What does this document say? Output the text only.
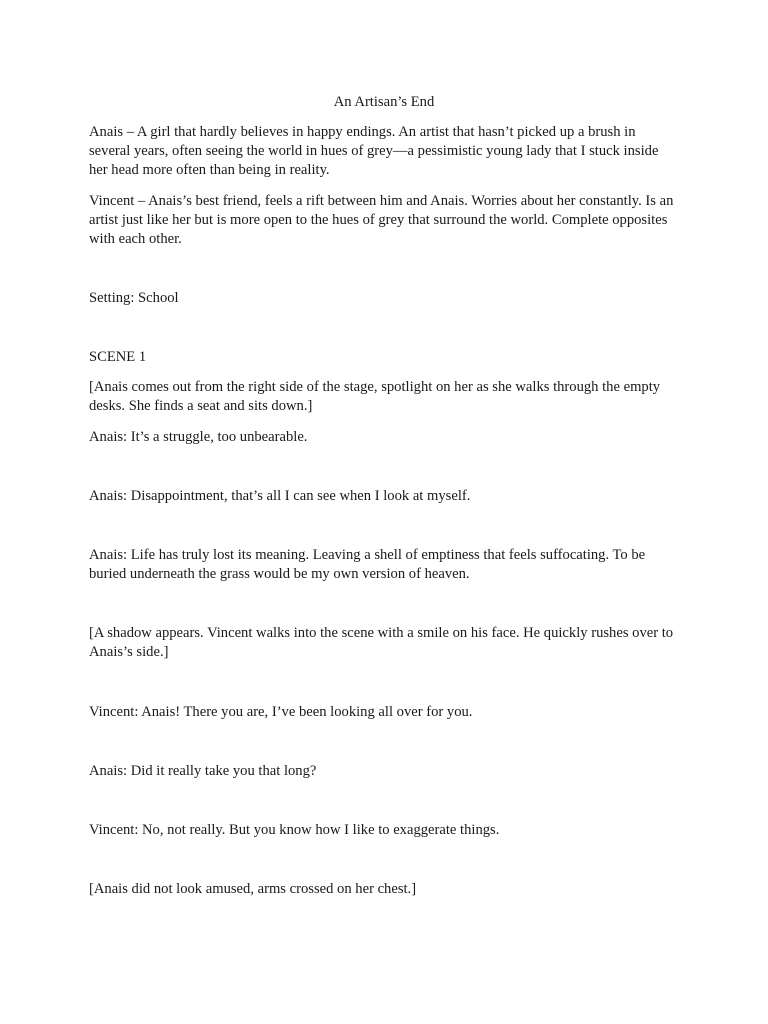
An Artisan’s End

Anais – A girl that hardly believes in happy endings. An artist that hasn’t picked up a brush in several years, often seeing the world in hues of grey—a pessimistic young lady that I stuck inside her head more often than being in reality.

Vincent – Anais’s best friend, feels a rift between him and Anais. Worries about her constantly. Is an artist just like her but is more open to the hues of grey that surround the world. Complete opposites with each other.

Setting: School

SCENE 1

[Anais comes out from the right side of the stage, spotlight on her as she walks through the empty desks. She finds a seat and sits down.]

Anais: It’s a struggle, too unbearable.

Anais: Disappointment, that’s all I can see when I look at myself.

Anais: Life has truly lost its meaning. Leaving a shell of emptiness that feels suffocating. To be buried underneath the grass would be my own version of heaven.

[A shadow appears. Vincent walks into the scene with a smile on his face. He quickly rushes over to Anais’s side.]

Vincent: Anais! There you are, I’ve been looking all over for you.

Anais: Did it really take you that long?

Vincent: No, not really. But you know how I like to exaggerate things.

[Anais did not look amused, arms crossed on her chest.]
